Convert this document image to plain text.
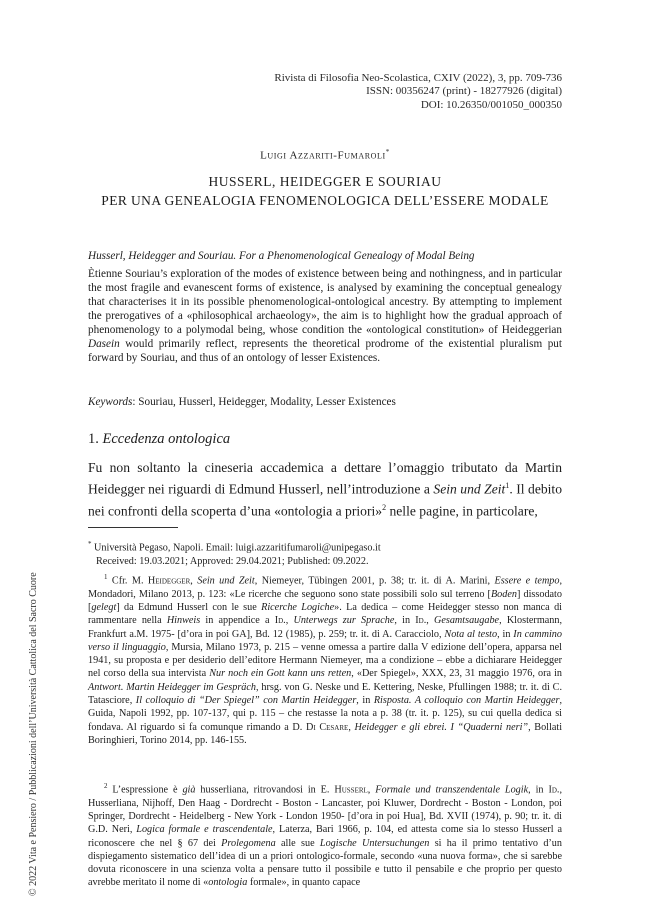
Rivista di Filosofia Neo-Scolastica, CXIV (2022), 3, pp. 709-736
ISSN: 00356247 (print) - 18277926 (digital)
DOI: 10.26350/001050_000350
Luigi Azzariti-Fumaroli*
HUSSERL, HEIDEGGER E SOURIAU
PER UNA GENEALOGIA FENOMENOLOGICA DELL’ESSERE MODALE
Husserl, Heidegger and Souriau. For a Phenomenological Genealogy of Modal Being
Ètienne Souriau’s exploration of the modes of existence between being and nothingness, and in particular the most fragile and evanescent forms of existence, is analysed by examining the conceptual genealogy that characterises it in its possible phenomenological-ontological ancestry. By attempting to implement the prerogatives of a «philosophical archaeology», the aim is to highlight how the gradual approach of phenomenology to a polymodal being, whose condition the «ontological constitution» of Heideggerian Dasein would primarily reflect, represents the theoretical prodrome of the existential pluralism put forward by Souriau, and thus of an ontology of lesser Existences.
Keywords: Souriau, Husserl, Heidegger, Modality, Lesser Existences
1. Eccedenza ontologica
Fu non soltanto la cineseria accademica a dettare l’omaggio tributato da Martin Heidegger nei riguardi di Edmund Husserl, nell’introduzione a Sein und Zeit$^1$. Il debito nei confronti della scoperta d’una «ontologia a priori»$^2$ nelle pagine, in particolare,
* Università Pegaso, Napoli. Email: luigi.azzaritifumaroli@unipegaso.it
Received: 19.03.2021; Approved: 29.04.2021; Published: 09.2022.
$^1$ Cfr. M. Heidegger, Sein und Zeit, Niemeyer, Tübingen 2001, p. 38; tr. it. di A. Marini, Essere e tempo, Mondadori, Milano 2013, p. 123: «Le ricerche che seguono sono state possibili solo sul terreno [Boden] dissodato [gelegt] da Edmund Husserl con le sue Ricerche Logiche». La dedica – come Heidegger stesso non manca di rammentare nella Hinweis in appendice a Id., Unterwegs zur Sprache, in Id., Gesamtsaugabe, Klostermann, Frankfurt a.M. 1975- [d’ora in poi GA], Bd. 12 (1985), p. 259; tr. it. di A. Caracciolo, Nota al testo, in In cammino verso il linguaggio, Mursia, Milano 1973, p. 215 – venne omessa a partire dalla V edizione dell’opera, apparsa nel 1941, su proposta e per desiderio dell’editore Hermann Niemeyer, ma a condizione – ebbe a dichiarare Heidegger nel corso della sua intervista Nur noch ein Gott kann uns retten, «Der Spiegel», XXX, 23, 31 maggio 1976, ora in Antwort. Martin Heidegger im Gespräch, hrsg. von G. Neske und E. Kettering, Neske, Pfullingen 1988; tr. it. di C. Tatasciore, Il colloquio di “Der Spiegel” con Martin Heidegger, in Risposta. A colloquio con Martin Heidegger, Guida, Napoli 1992, pp. 107-137, qui p. 115 – che restasse la nota a p. 38 (tr. it. p. 125), su cui quella dedica si fondava. Al riguardo si fa comunque rimando a D. Di Cesare, Heidegger e gli ebrei. I “Quaderni neri”, Bollati Boringhieri, Torino 2014, pp. 146-155.
$^2$ L’espressione è già husserliana, ritrovandosi in E. Husserl, Formale und transzendentale Logik, in Id., Husserliana, Nijhoff, Den Haag - Dordrecht - Boston - Lancaster, poi Kluwer, Dordrecht - Boston - London, poi Springer, Dordrecht - Heidelberg - New York - London 1950- [d’ora in poi Hua], Bd. XVII (1974), p. 90; tr. it. di G.D. Neri, Logica formale e trascendentale, Laterza, Bari 1966, p. 104, ed attesta come sia lo stesso Husserl a riconoscere che nel § 67 dei Prolegomena alle sue Logische Untersuchungen si ha il primo tentativo d’un dispiegamento sistematico dell’idea di un a priori ontologico-formale, secondo «una nuova forma», che si sarebbe dovuta riconoscere in una scienza volta a pensare tutto il possibile e tutto il pensabile e che proprio per questo avrebbe meritato il nome di «ontologia formale», in quanto capace
© 2022 Vita e Pensiero / Pubblicazioni dell’Università Cattolica del Sacro Cuore
